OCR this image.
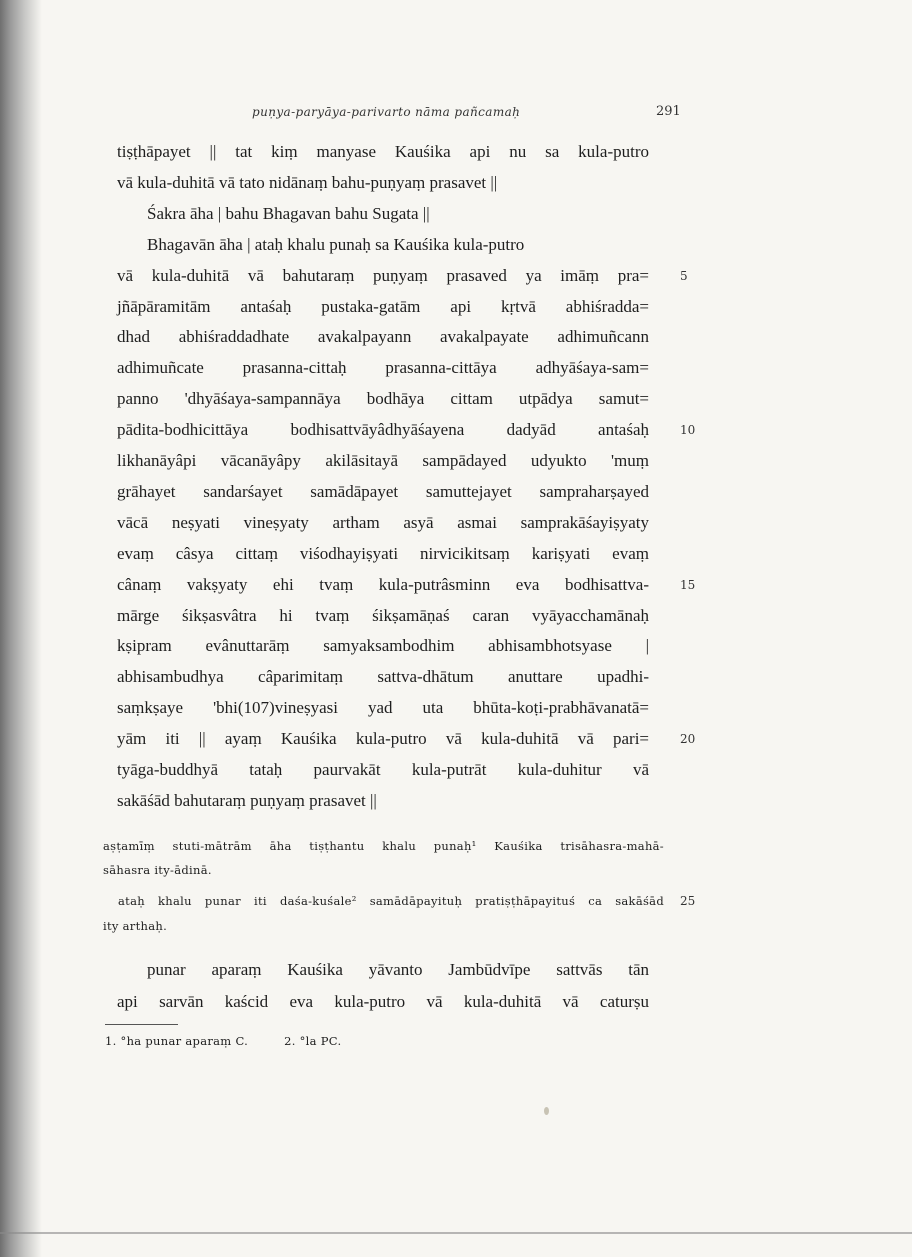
puṇya-paryāya-parivarto nāma pañcamaḥ	291
tiṣṭhāpayet || tat kiṃ manyase Kauśika api nu sa kula-putro
vā kula-duhitā vā tato nidānaṃ bahu-puṇyaṃ prasavet ||
Śakra āha | bahu Bhagavan bahu Sugata ||
Bhagavān āha | ataḥ khalu punaḥ sa Kauśika kula-putro
vā kula-duhitā vā bahutaraṃ puṇyaṃ prasaved ya imāṃ pra=	5
jñāpāramitām antaśaḥ pustaka-gatām api kṛtvā abhiśradda=
dhad abhiśraddadhate avakalpayann avakalpayate adhimuñcann
adhimuñcate prasanna-cittaḥ prasanna-cittāya adhyāśaya-sam=
panno 'dhyāśaya-sampannāya bodhāya cittam utpādya samut=
pādita-bodhicittāya bodhisattvāyâdhyāśayena dadyād antaśaḥ	10
likhanāyâpi vācanāyâpy akilāsitayā sampādayed udyukto 'muṃ
grāhayet sandarśayet samādāpayet samuttejayet sampraharṣayed
vācā neṣyati vineṣyaty artham asyā asmai samprakāśayiṣyaty
evaṃ câsya cittaṃ viśodhayiṣyati nirvicikitsaṃ kariṣyati evaṃ
cânaṃ vakṣyaty ehi tvaṃ kula-putrâsminn eva bodhisattva-	15
mārge śikṣasvâtra hi tvaṃ śikṣamāṇaś caran vyāyacchamānaḥ
kṣipram evânuttarāṃ samyaksambodhim abhisambhotsyase |
abhisambudhya câparimitaṃ sattva-dhātum anuttare upadhi-
saṃkṣaye 'bhi(107)vineṣyasi yad uta bhūta-koṭi-prabhāvanatā=
yām iti || ayaṃ Kauśika kula-putro vā kula-duhitā vā pari=	20
tyāga-buddhyā tataḥ paurvakāt kula-putrāt kula-duhitur vā
sakāśād bahutaraṃ puṇyaṃ prasavet ||
aṣṭamīṃ stuti-mātrām āha tiṣṭhantu khalu punaḥ¹ Kauśika trisāhasra-mahā-
sāhasra ity-ādinā.
ataḥ khalu punar iti daśa-kuśale² samādāpayituḥ pratiṣṭhāpayituś ca sakāśād 25
ity arthaḥ.
punar aparaṃ Kauśika yāvanto Jambūdvīpe sattvās tān
api sarvān kaścid eva kula-putro vā kula-duhitā vā caturṣu
1. °ha punar aparaṃ C.	2. °la PC.
